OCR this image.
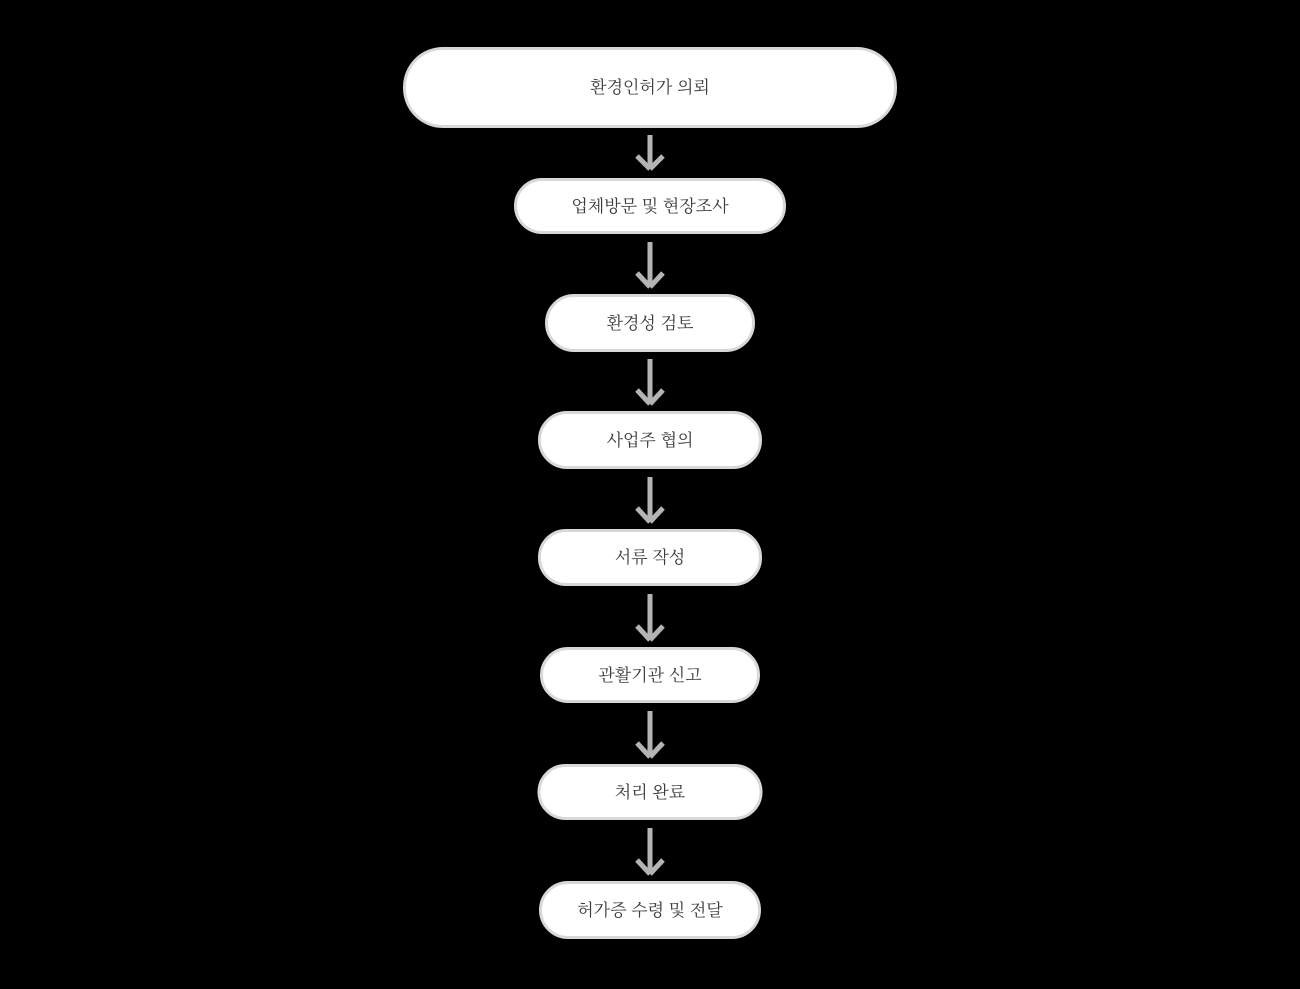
환경인허가 의뢰
업체방문 및 현장조사
환경성 검토
사업주 협의
서류 작성
관활기관 신고
처리 완료
허가증 수령 및 전달
